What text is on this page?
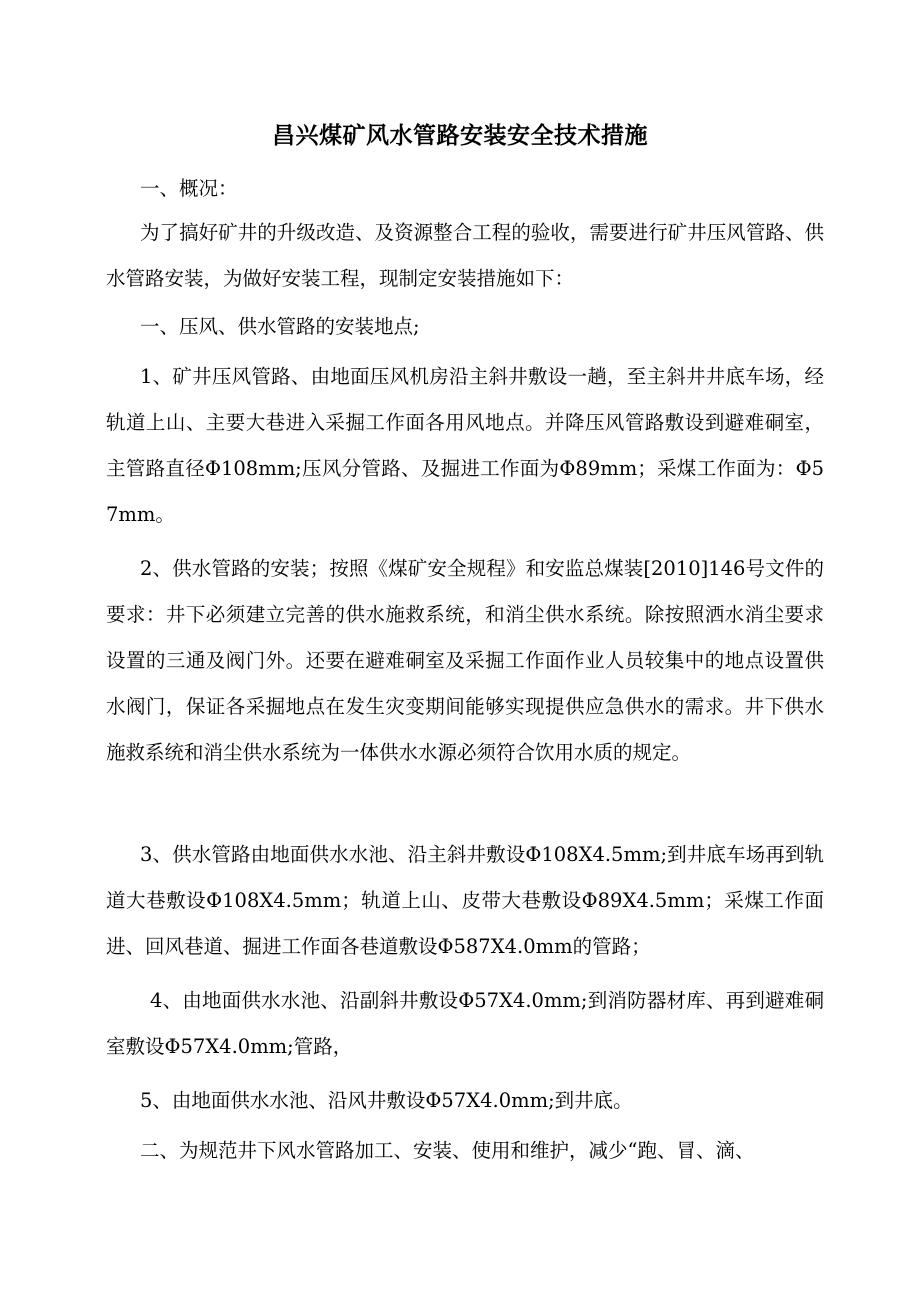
昌兴煤矿风水管路安装安全技术措施
一、概况：
为了搞好矿井的升级改造、及资源整合工程的验收，需要进行矿井压风管路、供水管路安装，为做好安装工程，现制定安装措施如下：
一、压风、供水管路的安装地点;
1、矿井压风管路、由地面压风机房沿主斜井敷设一趟，至主斜井井底车场，经轨道上山、主要大巷进入采掘工作面各用风地点。并降压风管路敷设到避难硐室，主管路直径Φ108mm;压风分管路、及掘进工作面为Φ89mm；采煤工作面为：Φ57mm。
2、供水管路的安装；按照《煤矿安全规程》和安监总煤装[2010]146号文件的要求：井下必须建立完善的供水施救系统，和消尘供水系统。除按照洒水消尘要求设置的三通及阀门外。还要在避难硐室及采掘工作面作业人员较集中的地点设置供水阀门，保证各采掘地点在发生灾变期间能够实现提供应急供水的需求。井下供水施救系统和消尘供水系统为一体供水水源必须符合饮用水质的规定。
3、供水管路由地面供水水池、沿主斜井敷设Φ108X4.5mm;到井底车场再到轨道大巷敷设Φ108X4.5mm；轨道上山、皮带大巷敷设Φ89X4.5mm；采煤工作面进、回风巷道、掘进工作面各巷道敷设Φ587X4.0mm的管路；
4、由地面供水水池、沿副斜井敷设Φ57X4.0mm;到消防器材库、再到避难硐室敷设Φ57X4.0mm;管路，
5、由地面供水水池、沿风井敷设Φ57X4.0mm;到井底。
二、为规范井下风水管路加工、安装、使用和维护，减少“跑、冒、滴、
